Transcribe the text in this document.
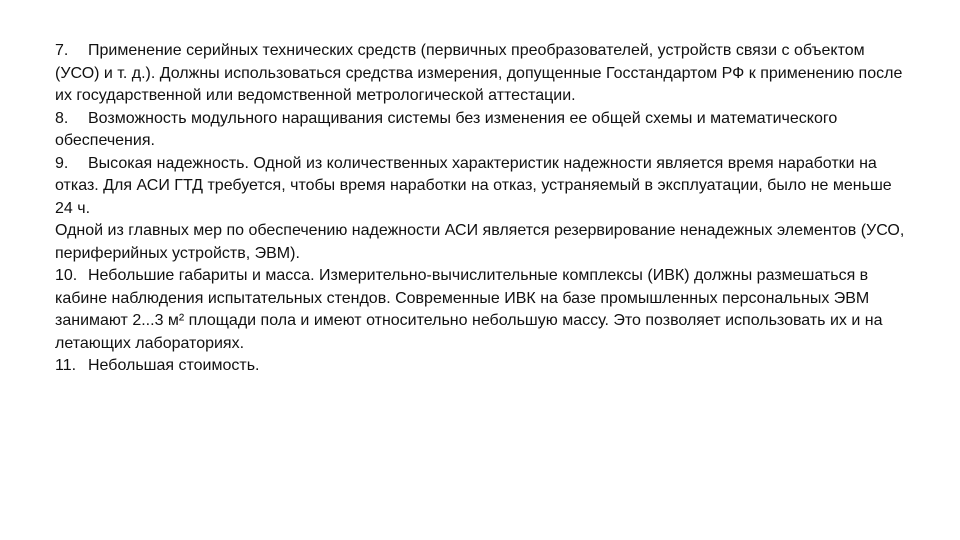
7. Применение серийных технических средств (первичных преобразователей, устройств связи с объектом (УСО) и т. д.). Должны использоваться средства измерения, допущенные Госстандартом РФ к применению после их государственной или ведомственной метрологической аттестации.

8. Возможность модульного наращивания системы без изменения ее общей схемы и математического обеспечения.

9. Высокая надежность. Одной из количественных характеристик надежности является время наработки на отказ. Для АСИ ГТД требуется, чтобы время наработки на отказ, устраняемый в эксплуатации, было не меньше 24 ч.

Одной из главных мер по обеспечению надежности АСИ является резервирование ненадежных элементов (УСО, периферийных устройств, ЭВМ).

10. Небольшие габариты и масса. Измерительно-вычислительные комплексы (ИВК) должны размешаться в кабине наблюдения испытательных стендов. Современные ИВК на базе промышленных персональных ЭВМ занимают 2...3 м² площади пола и имеют относительно небольшую массу. Это позволяет использовать их и на летающих лабораториях.

11. Небольшая стоимость.
